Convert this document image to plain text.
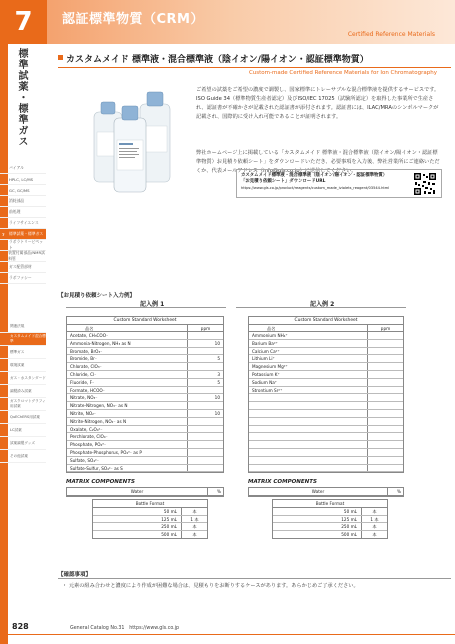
7	認証標準物質（CRM）
Certified Reference Materials
標準試薬・標準ガス
1	バイアル
2	HPLC, LC/MS
3	GC, GC/MS
4	消耗部品
5	前処理
6	ライフサイエンス
7	標準試薬・標準ガス
8
ラボラトリーピペット
9
装置付属部品/NMR試料管
10 ガス配管部材
11 ラボファシー
関連法規
カスタムメイド混合標準
標準ガス
環境試薬
ガス・水スタンダード
調製済み試薬
ガスクロマトグラフィ用試薬
QuEChERS用試薬
LC試薬
試薬調製グッズ
その他試薬
カスタムメイド 標準液・混合標準液（陰イオン/陽イオン・認証標準物質）
Custom-made Certified Reference Materials for Ion Chromatography
ご希望の試薬をご希望の濃度で調製し、国家標準にトレーサブルな混合標準液を提供するサービスです。ISO Guide 34（標準物質生産者認定）及びISO/IEC 17025（試験所認定）を取得した事業所で生産され、認証書が不確かさが記載された認証書が添付されます。認証書には、ILAC/MRAのシンボルマークが記載され、国際的に受け入れ可能であることが証明されます。
弊社ホームページ上に掲載している「カスタムメイド 標準液・混合標準液（陰イオン/陽イオン・認証標準物質）お見積り依頼シート」をダウンロードいただき、必要事項を入力後、弊社営業所にご連絡いただくか、代表メールアドレス（info@gls.co.jp）に送信してください。
カスタムメイド標準液・混合標準液（陰イオン/陽イオン・認証標準物質）
「お見積り依頼シート」ダウンロードURL
https://www.gls.co.jp/product/reagents/custom_made_iviolets_reagent/03544.html
【お見積り依頼シート入力例】
記入例 1	記入例 2
Custom Standard Worksheet
品名	ppm
Acetate, CH₃COO⁻
Ammonia-Nitrogen, NH₃ as N	10
Bromate, BrO₃⁻
Bromide, Br⁻	5
Chlorate, ClO₃⁻
Chloride, Cl⁻	3
Fluoride, F⁻	5
Formate, HCOO⁻
Nitrate, NO₃⁻	10
Nitrate-Nitrogen, NO₃⁻ as N
Nitrite, NO₂⁻	10
Nitrite-Nitrogen, NO₂⁻ as N
Oxalate, C₂O₄²⁻
Perchlorate, ClO₄⁻
Phosphate, PO₄³⁻
Phosphate-Phosphorus, PO₄³⁻ as P
Sulfate, SO₄²⁻
Sulfate-Sulfur, SO₄²⁻ as S
Custom Standard Worksheet
品名	ppm
Ammonium NH₄⁺
Barium Ba²⁺
Calcium Ca²⁺
Lithium Li⁺
Magnesium Mg²⁺
Potassium K⁺
Sodium Na⁺
Strontium Sr²⁺
MATRIX COMPONENTS
Water	%
Bottle Format
50 mL	本
125 mL	1 本
250 mL	本
500 mL	本
MATRIX COMPONENTS
Water	%
Bottle Format
50 mL	本
125 mL	1 本
250 mL	本
500 mL	本
【確認事項】
・ 元素の組み合わせと濃度により作成が困難な場合は、見積もりをお断りするケースがあります。あらかじめご了承ください。
828	General Catalog No.31　https://www.gls.co.jp
